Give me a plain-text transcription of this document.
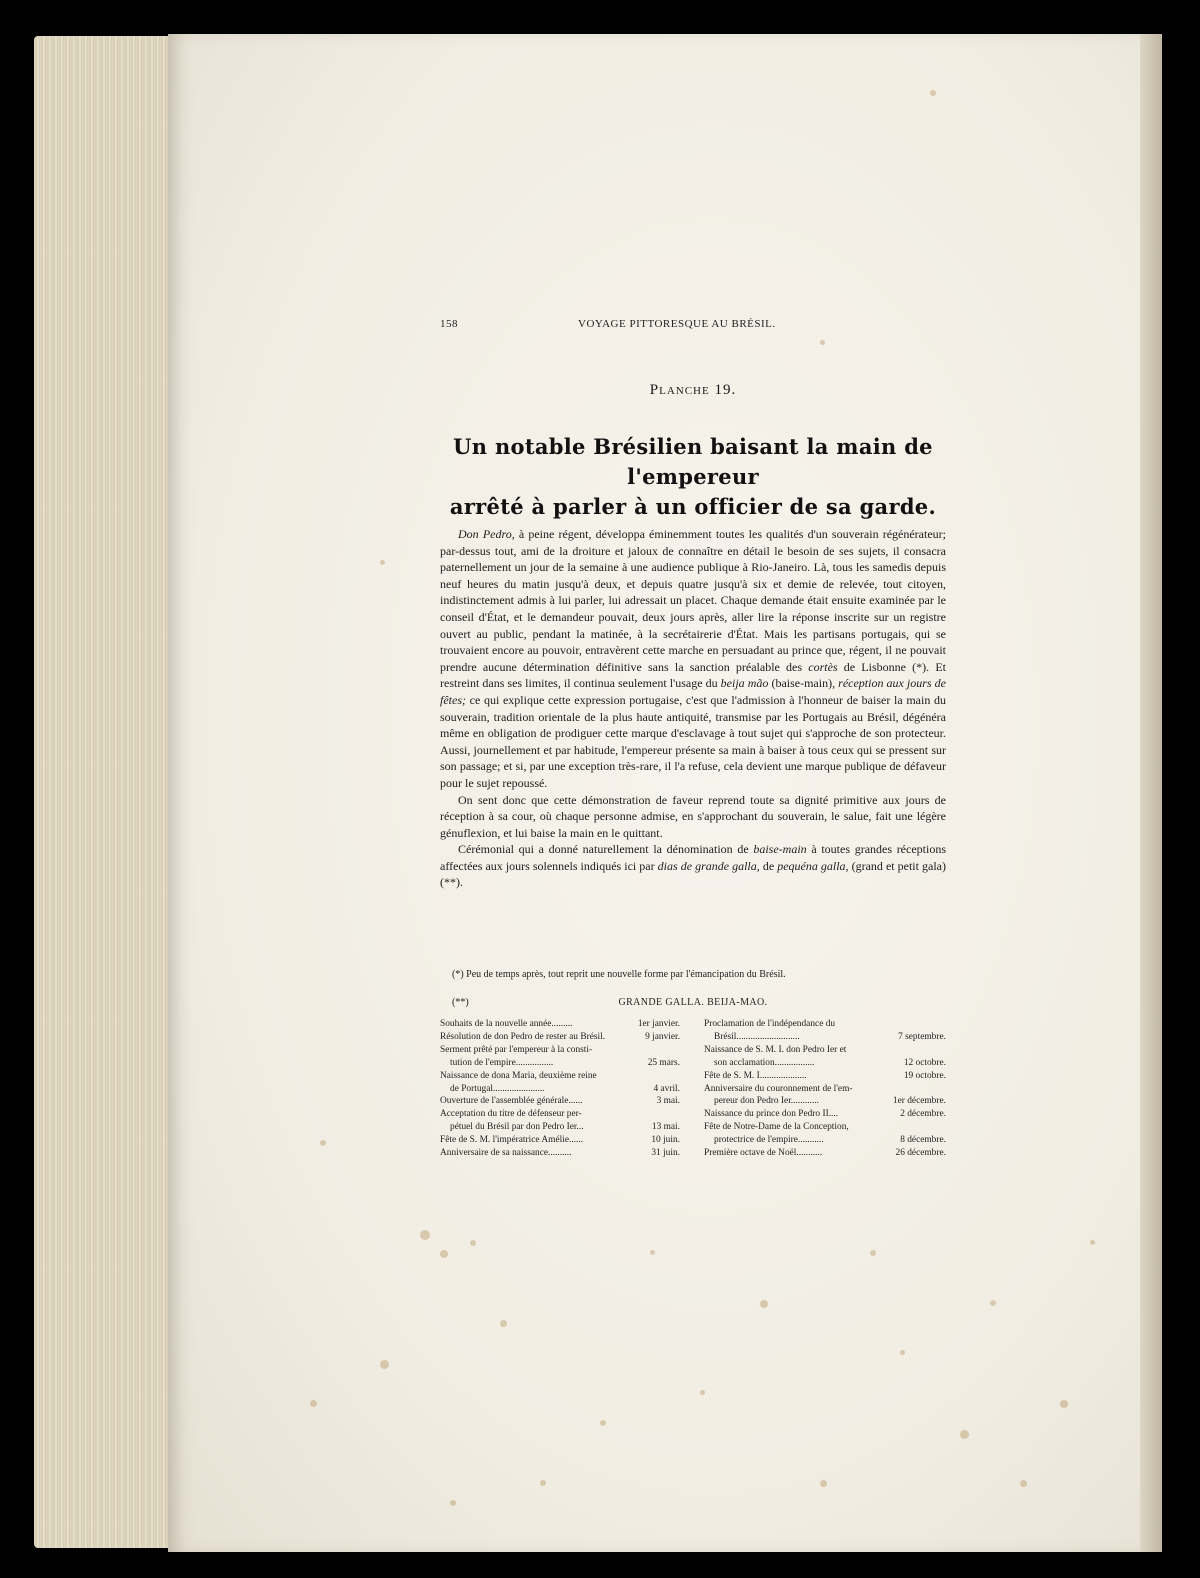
158	VOYAGE PITTORESQUE AU BRÉSIL.
Planche 19.
Un notable Brésilien baisant la main de l'empereur
arrêté à parler à un officier de sa garde.

Don Pedro, à peine régent, développa éminemment toutes les qualités d'un souverain régénérateur; par-dessus tout, ami de la droiture et jaloux de connaître en détail le besoin de ses sujets, il consacra paternellement un jour de la semaine à une audience publique à Rio-Janeiro. Là, tous les samedis depuis neuf heures du matin jusqu'à deux, et depuis quatre jusqu'à six et demie de relevée, tout citoyen, indistinctement admis à lui parler, lui adressait un placet. Chaque demande était ensuite examinée par le conseil d'État, et le demandeur pouvait, deux jours après, aller lire la réponse inscrite sur un registre ouvert au public, pendant la matinée, à la secrétairerie d'État. Mais les partisans portugais, qui se trouvaient encore au pouvoir, entravèrent cette marche en persuadant au prince que, régent, il ne pouvait prendre aucune détermination définitive sans la sanction préalable des cortès de Lisbonne (*). Et restreint dans ses limites, il continua seulement l'usage du beija mão (baise-main), réception aux jours de fêtes; ce qui explique cette expression portugaise, c'est que l'admission à l'honneur de baiser la main du souverain, tradition orientale de la plus haute antiquité, transmise par les Portugais au Brésil, dégénéra même en obligation de prodiguer cette marque d'esclavage à tout sujet qui s'approche de son protecteur. Aussi, journellement et par habitude, l'empereur présente sa main à baiser à tous ceux qui se pressent sur son passage; et si, par une exception très-rare, il l'a refuse, cela devient une marque publique de défaveur pour le sujet repoussé.

On sent donc que cette démonstration de faveur reprend toute sa dignité primitive aux jours de réception à sa cour, où chaque personne admise, en s'approchant du souverain, le salue, fait une légère génuflexion, et lui baise la main en le quittant.

Cérémonial qui a donné naturellement la dénomination de baise-main à toutes grandes réceptions affectées aux jours solennels indiqués ici par dias de grande galla, de pequéna galla, (grand et petit gala) (**).

(*) Peu de temps après, tout reprit une nouvelle forme par l'émancipation du Brésil.
(**)	GRANDE GALLA. BEIJA-MAO.
Souhaits de la nouvelle année.........	1er janvier.
Résolution de don Pedro de rester au Brésil.	9 janvier.
Serment prêté par l'empereur à la consti-
tution de l'empire................	25 mars.
Naissance de dona Maria, deuxième reine
de Portugal......................	4 avril.
Ouverture de l'assemblée générale......	3 mai.
Acceptation du titre de défenseur per-
pétuel du Brésil par don Pedro Ier...	13 mai.
Fête de S. M. l'impératrice Amélie......	10 juin.
Anniversaire de sa naissance..........	31 juin.
Proclamation de l'indépendance du
Brésil...........................	7 septembre.
Naissance de S. M. I. don Pedro Ier et
son acclamation.................	12 octobre.
Fête de S. M. I....................	19 octobre.
Anniversaire du couronnement de l'em-
pereur don Pedro Ier............	1er décembre.
Naissance du prince don Pedro II....	2 décembre.
Fête de Notre-Dame de la Conception,
protectrice de l'empire...........	8 décembre.
Première octave de Noël...........	26 décembre.
